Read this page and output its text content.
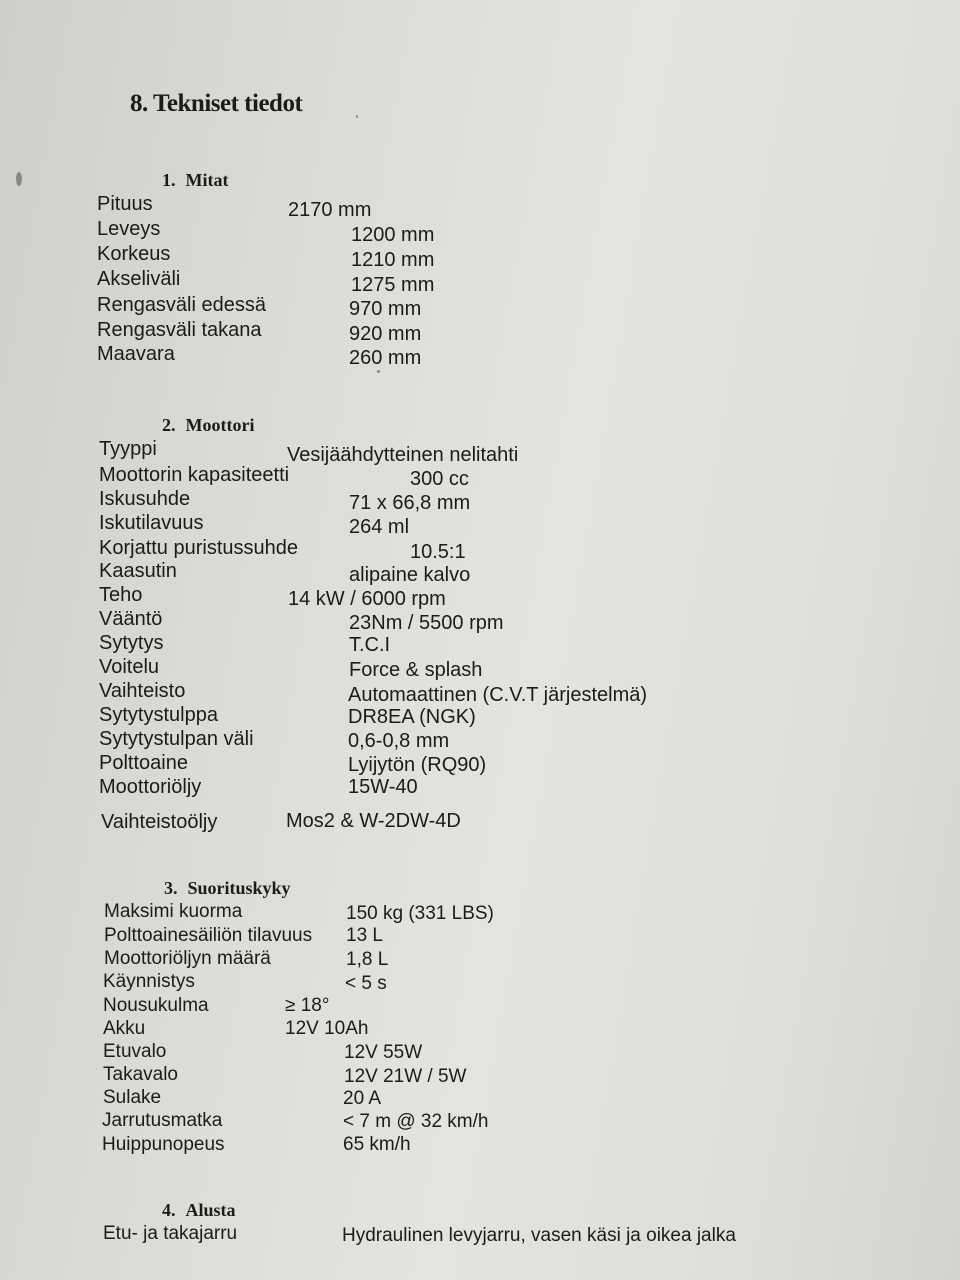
8. Tekniset tiedot
1. Mitat
Pituus	2170 mm
Leveys	1200 mm
Korkeus	1210 mm
Akseliväli	1275 mm
Rengasväli edessä	970 mm
Rengasväli takana	920 mm
Maavara	260 mm
2. Moottori
Tyyppi	Vesijäähdytteinen nelitahti
Moottorin kapasiteetti	300 cc
Iskusuhde	71 x 66,8 mm
Iskutilavuus	264 ml
Korjattu puristussuhde	10.5:1
Kaasutin	alipaine kalvo
Teho	14 kW / 6000 rpm
Vääntö	23Nm / 5500 rpm
Sytytys	T.C.I
Voitelu	Force & splash
Vaihteisto	Automaattinen (C.V.T järjestelmä)
Sytytystulppa	DR8EA (NGK)
Sytytystulpan väli	0,6-0,8 mm
Polttoaine	Lyijytön (RQ90)
Moottoriöljy	15W-40
Vaihteistoöljy	Mos2 & W-2DW-4D
3. Suorituskyky
Maksimi kuorma	150 kg (331 LBS)
Polttoainesäiliön tilavuus 13 L
Moottoriöljyn määrä	1,8 L
Käynnistys	< 5 s
Nousukulma	≥ 18°
Akku	12V 10Ah
Etuvalo	12V 55W
Takavalo	12V 21W / 5W
Sulake	20 A
Jarrutusmatka	< 7 m @ 32 km/h
Huippunopeus	65 km/h
4. Alusta
Etu- ja takajarru	Hydraulinen levyjarru, vasen käsi ja oikea jalka
